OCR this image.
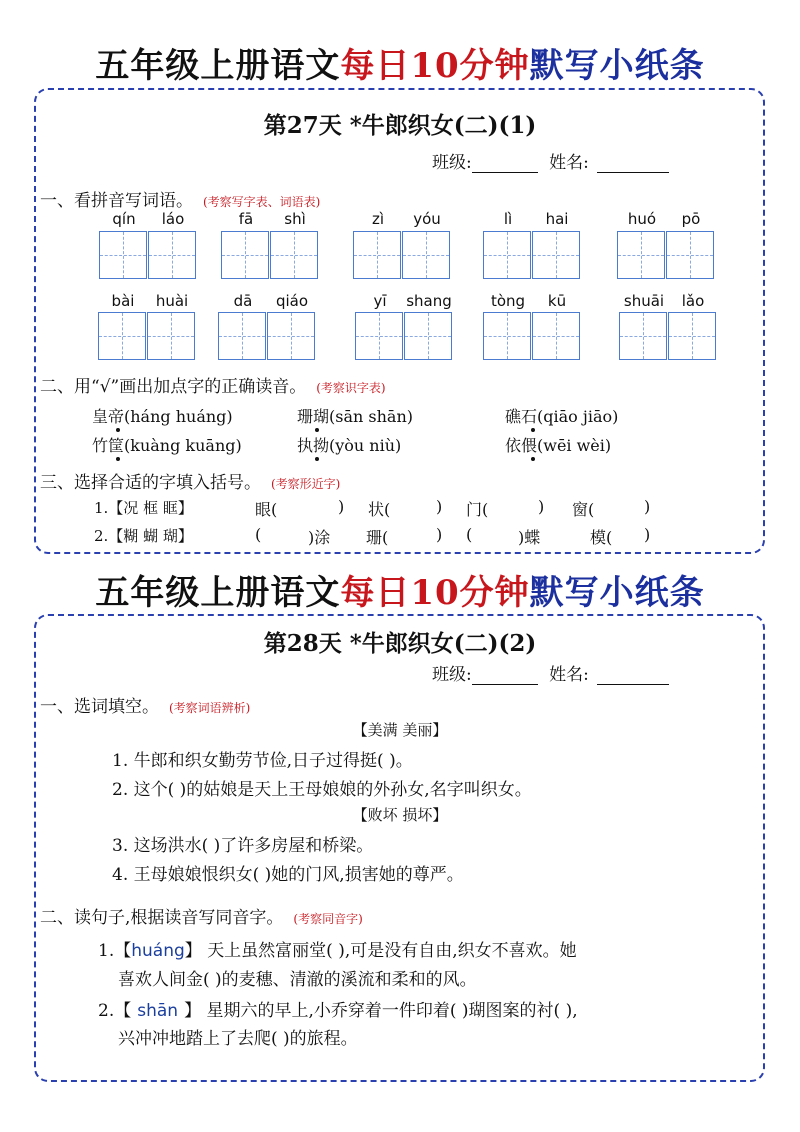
五年级上册语文每日10分钟默写小纸条
第27天 *牛郎织女(二)(1)
班级:	姓名:
一、看拼音写词语。 (考察写字表、词语表)
qín	láo	fā	shì	zì	yóu	lì	hai	huó	pō
bài	huài	dā	qiáo	yī	shang	tòng	kū	shuāi	lǎo
二、用“√”画出加点字的正确读音。 (考察识字表)
皇帝(háng huáng)	珊瑚(sān shān)	礁石(qiāo jiāo)
竹筐(kuàng kuāng)	执拗(yòu niù)	依偎(wēi wèi)
三、选择合适的字填入括号。 (考察形近字)
1.【况 框 眶】	眼(	) 状(	) 门(	) 窗(	)
2.【糊 蝴 瑚】	(	)涂 珊(	) (	)蝶	模( )
五年级上册语文每日10分钟默写小纸条
第28天 *牛郎织女(二)(2)
班级:	姓名:
一、选词填空。 (考察词语辨析)
【美满 美丽】
1. 牛郎和织女勤劳节俭,日子过得挺( )。
2. 这个( )的姑娘是天上王母娘娘的外孙女,名字叫织女。
【败坏 损坏】
3. 这场洪水( )了许多房屋和桥梁。
4. 王母娘娘恨织女( )她的门风,损害她的尊严。
二、读句子,根据读音写同音字。 (考察同音字)
1.【huáng】 天上虽然富丽堂( ),可是没有自由,织女不喜欢。她
喜欢人间金( )的麦穗、清澈的溪流和柔和的风。
2.【 shān 】 星期六的早上,小乔穿着一件印着( )瑚图案的衬( ),
兴冲冲地踏上了去爬( )的旅程。
